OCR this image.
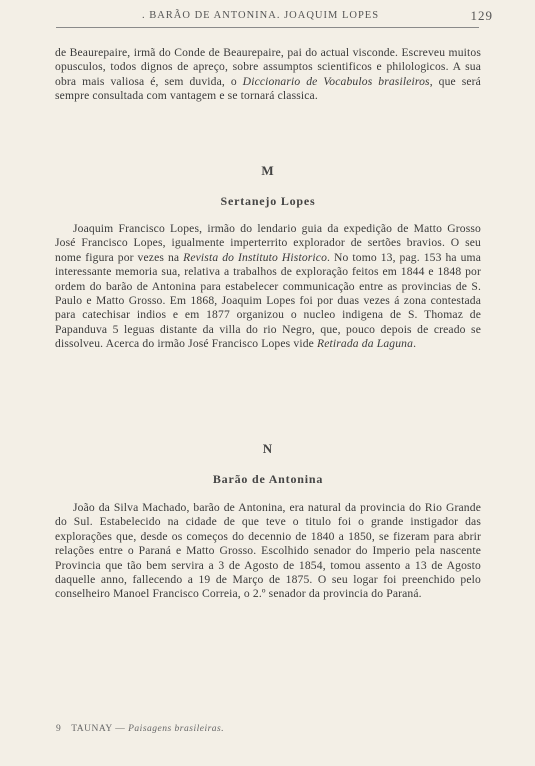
. BARÃO DE ANTONINA. JOAQUIM LOPES	129

de Beaurepaire, irmã do Conde de Beaurepaire, pai do actual visconde. Escreveu muitos opusculos, todos dignos de apreço, sobre assumptos scientificos e philologicos. A sua obra mais valiosa é, sem duvida, o Diccionario de Vocabulos brasileiros, que será sempre consultada com vantagem e se tornará classica.

M
Sertanejo Lopes

Joaquim Francisco Lopes, irmão do lendario guia da expedição de Matto Grosso José Francisco Lopes, igualmente imperterrito explorador de sertões bravios. O seu nome figura por vezes na Revista do Instituto Historico. No tomo 13, pag. 153 ha uma interessante memoria sua, relativa a trabalhos de exploração feitos em 1844 e 1848 por ordem do barão de Antonina para estabelecer communicação entre as provincias de S. Paulo e Matto Grosso. Em 1868, Joaquim Lopes foi por duas vezes á zona contestada para catechisar indios e em 1877 organizou o nucleo indigena de S. Thomaz de Papanduva 5 leguas distante da villa do rio Negro, que, pouco depois de creado se dissolveu. Acerca do irmão José Francisco Lopes vide Retirada da Laguna.

N
Barão de Antonina

João da Silva Machado, barão de Antonina, era natural da provincia do Rio Grande do Sul. Estabelecido na cidade de que teve o titulo foi o grande instigador das explorações que, desde os começos do decennio de 1840 a 1850, se fizeram para abrir relações entre o Paraná e Matto Grosso. Escolhido senador do Imperio pela nascente Provincia que tão bem servira a 3 de Agosto de 1854, tomou assento a 13 de Agosto daquelle anno, fallecendo a 19 de Março de 1875. O seu logar foi preenchido pelo conselheiro Manoel Francisco Correia, o 2.º senador da provincia do Paraná.

9 TAUNAY — Paisagens brasileiras.
